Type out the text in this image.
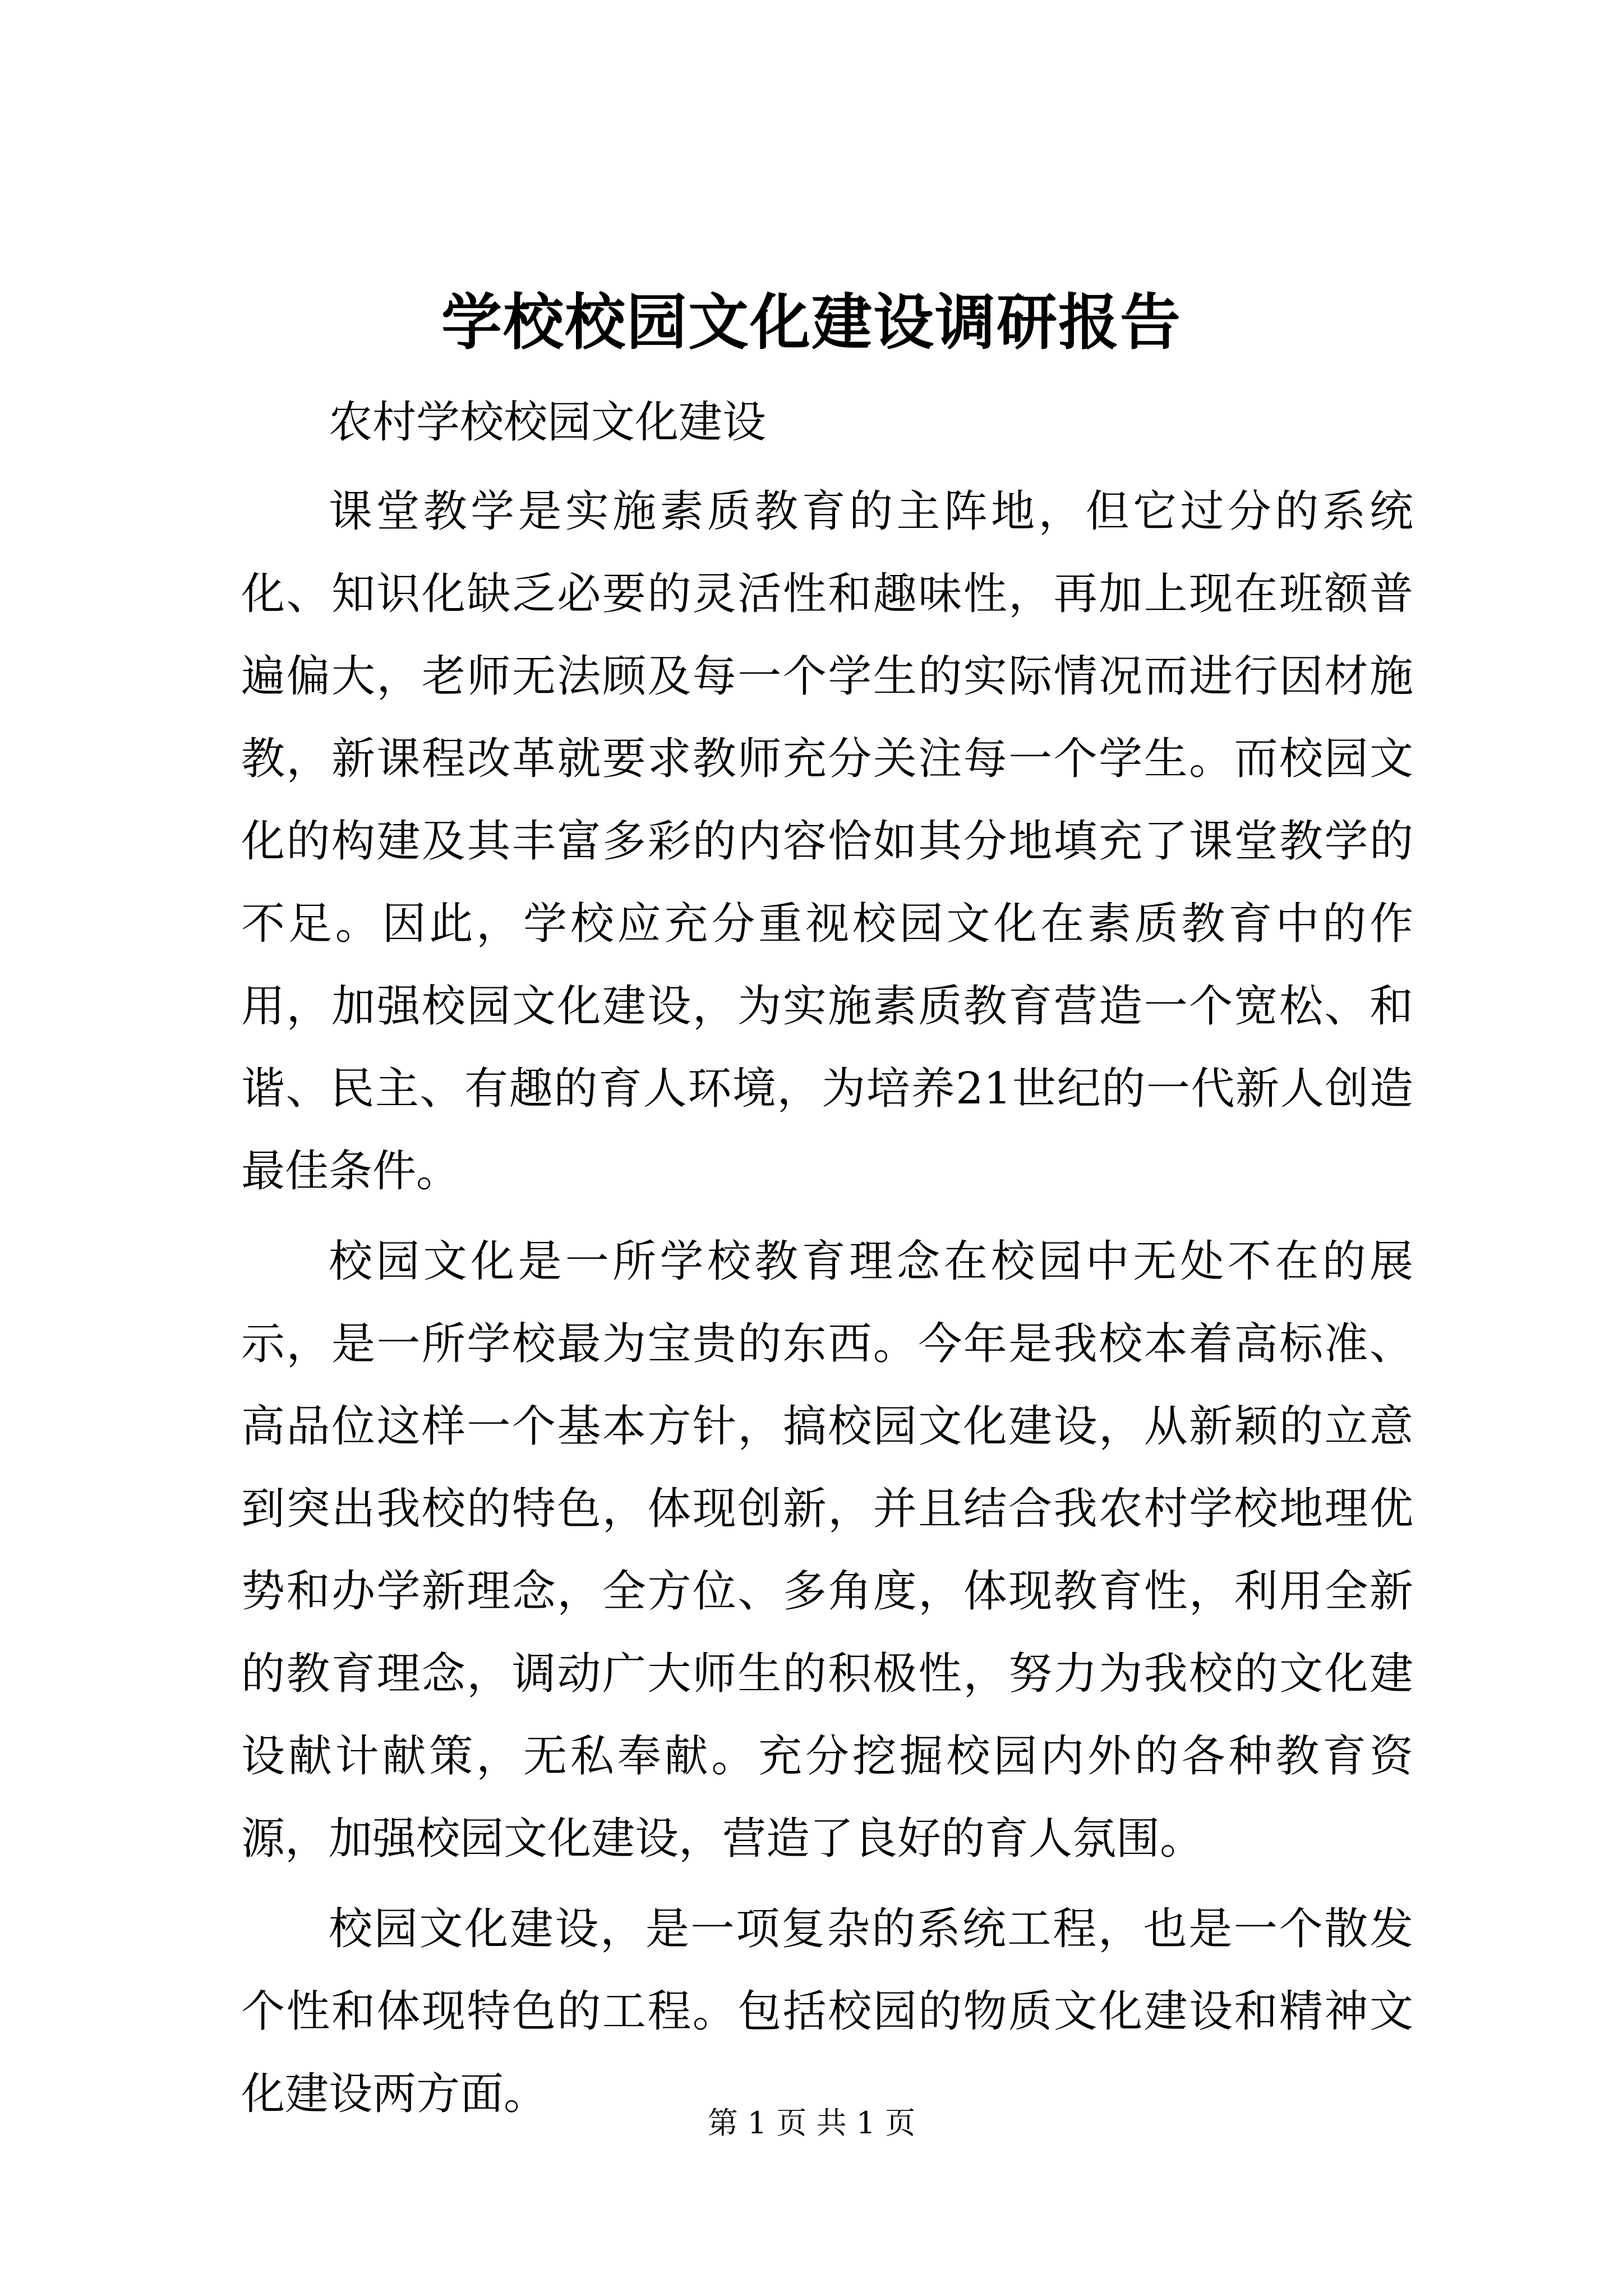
学校校园文化建设调研报告

农村学校校园文化建设

课堂教学是实施素质教育的主阵地，但它过分的系统化、知识化缺乏必要的灵活性和趣味性，再加上现在班额普遍偏大，老师无法顾及每一个学生的实际情况而进行因材施教，新课程改革就要求教师充分关注每一个学生。而校园文化的构建及其丰富多彩的内容恰如其分地填充了课堂教学的不足。因此，学校应充分重视校园文化在素质教育中的作用，加强校园文化建设，为实施素质教育营造一个宽松、和谐、民主、有趣的育人环境，为培养21世纪的一代新人创造最佳条件。

校园文化是一所学校教育理念在校园中无处不在的展示，是一所学校最为宝贵的东西。今年是我校本着高标准、高品位这样一个基本方针，搞校园文化建设，从新颖的立意到突出我校的特色，体现创新，并且结合我农村学校地理优势和办学新理念，全方位、多角度，体现教育性，利用全新的教育理念，调动广大师生的积极性，努力为我校的文化建设献计献策，无私奉献。充分挖掘校园内外的各种教育资源，加强校园文化建设，营造了良好的育人氛围。

校园文化建设，是一项复杂的系统工程，也是一个散发个性和体现特色的工程。包括校园的物质文化建设和精神文化建设两方面。

第 1 页 共 1 页
